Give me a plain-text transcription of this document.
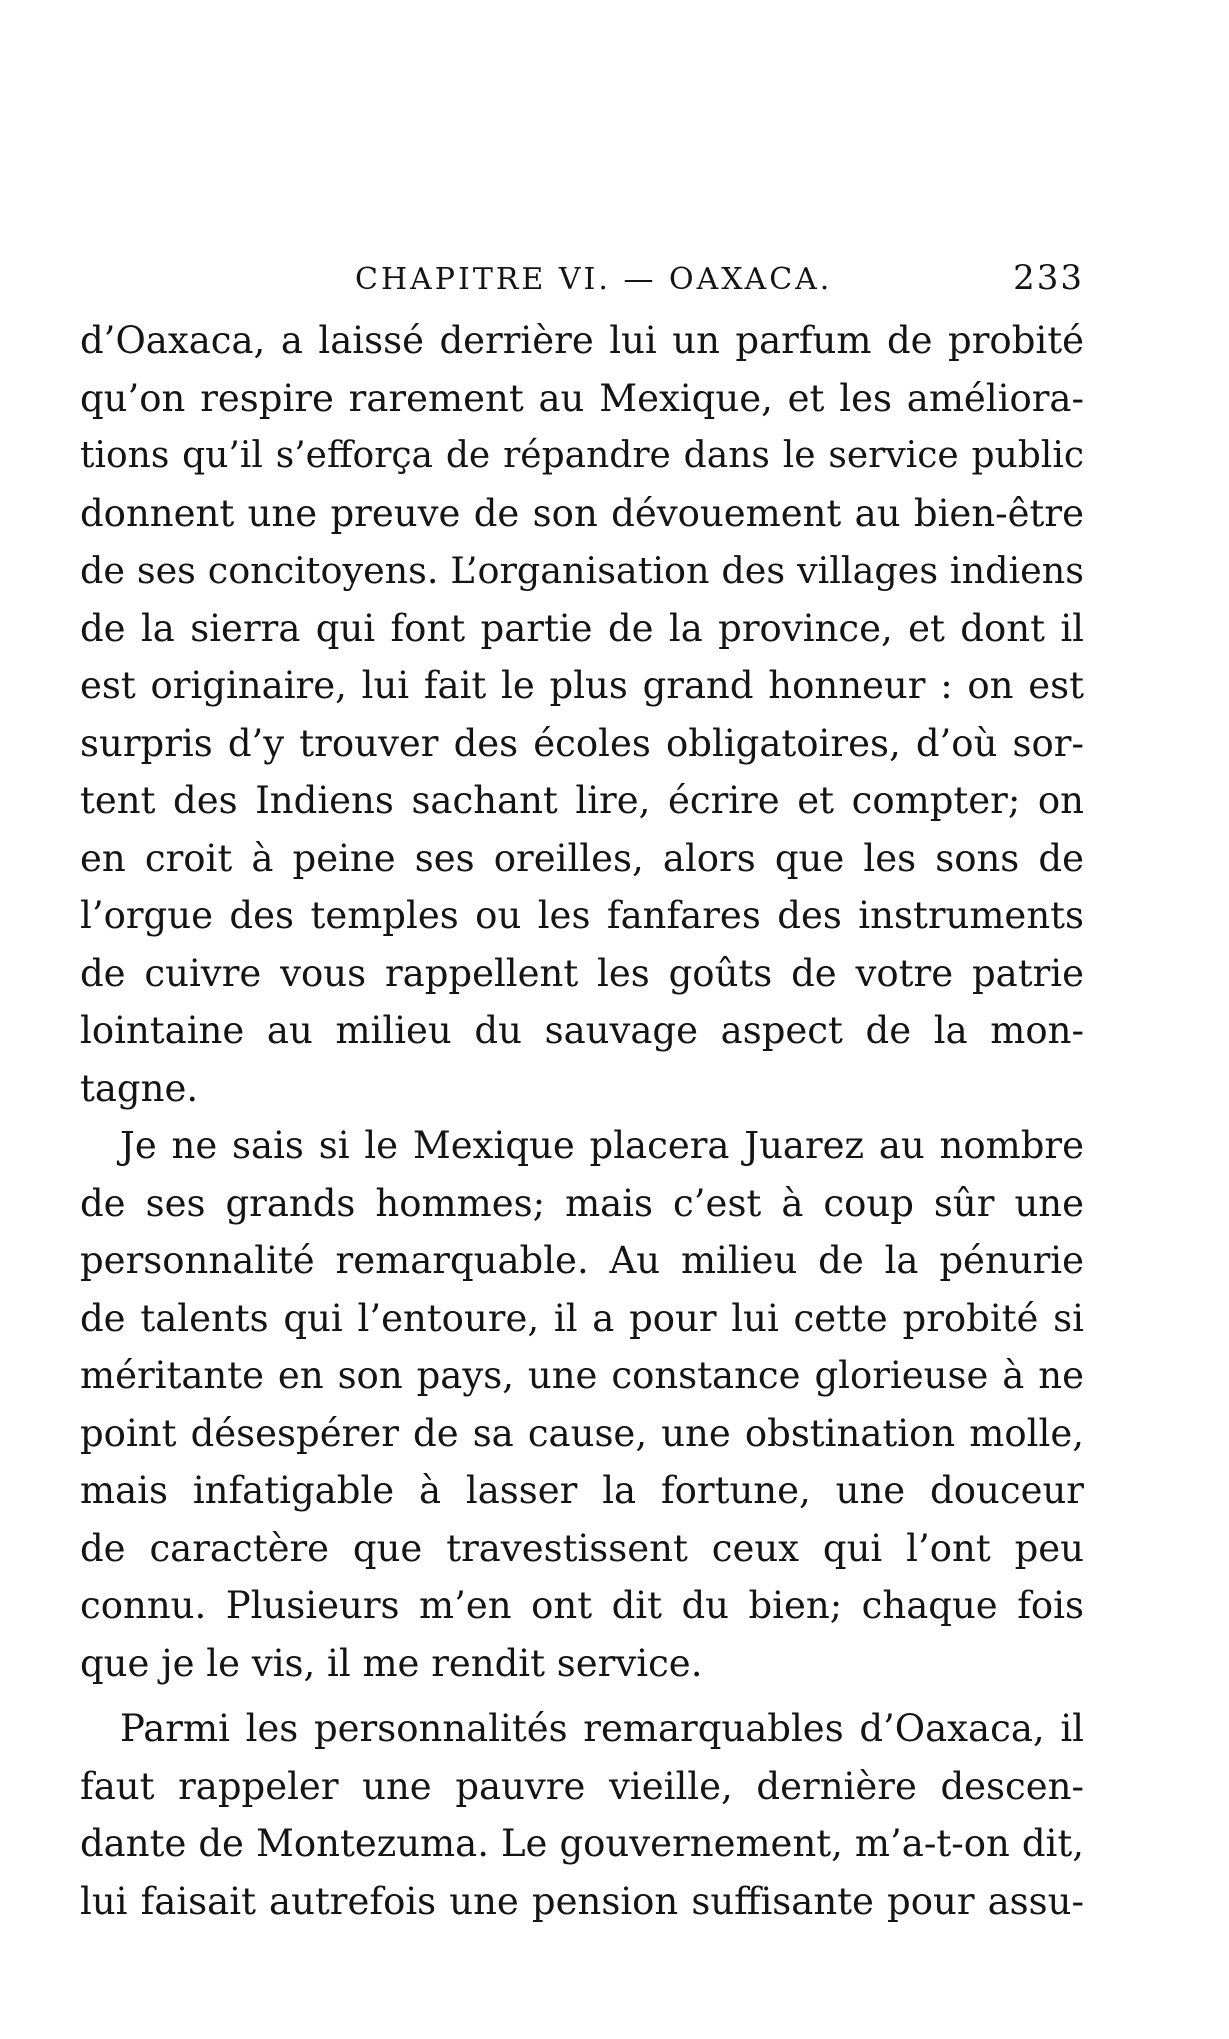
CHAPITRE VI. — OAXACA.	233
d’Oaxaca, a laissé derrière lui un parfum de probité
qu’on respire rarement au Mexique, et les améliora-
tions qu’il s’efforça de répandre dans le service public
donnent une preuve de son dévouement au bien-être
de ses concitoyens. L’organisation des villages indiens
de la sierra qui font partie de la province, et dont il
est originaire, lui fait le plus grand honneur : on est
surpris d’y trouver des écoles obligatoires, d’où sor-
tent des Indiens sachant lire, écrire et compter; on
en croit à peine ses oreilles, alors que les sons de
l’orgue des temples ou les fanfares des instruments
de cuivre vous rappellent les goûts de votre patrie
lointaine au milieu du sauvage aspect de la mon-
tagne.
Je ne sais si le Mexique placera Juarez au nombre
de ses grands hommes; mais c’est à coup sûr une
personnalité remarquable. Au milieu de la pénurie
de talents qui l’entoure, il a pour lui cette probité si
méritante en son pays, une constance glorieuse à ne
point désespérer de sa cause, une obstination molle,
mais infatigable à lasser la fortune, une douceur
de caractère que travestissent ceux qui l’ont peu
connu. Plusieurs m’en ont dit du bien; chaque fois
que je le vis, il me rendit service.
Parmi les personnalités remarquables d’Oaxaca, il
faut rappeler une pauvre vieille, dernière descen-
dante de Montezuma. Le gouvernement, m’a-t-on dit,
lui faisait autrefois une pension suffisante pour assu-
